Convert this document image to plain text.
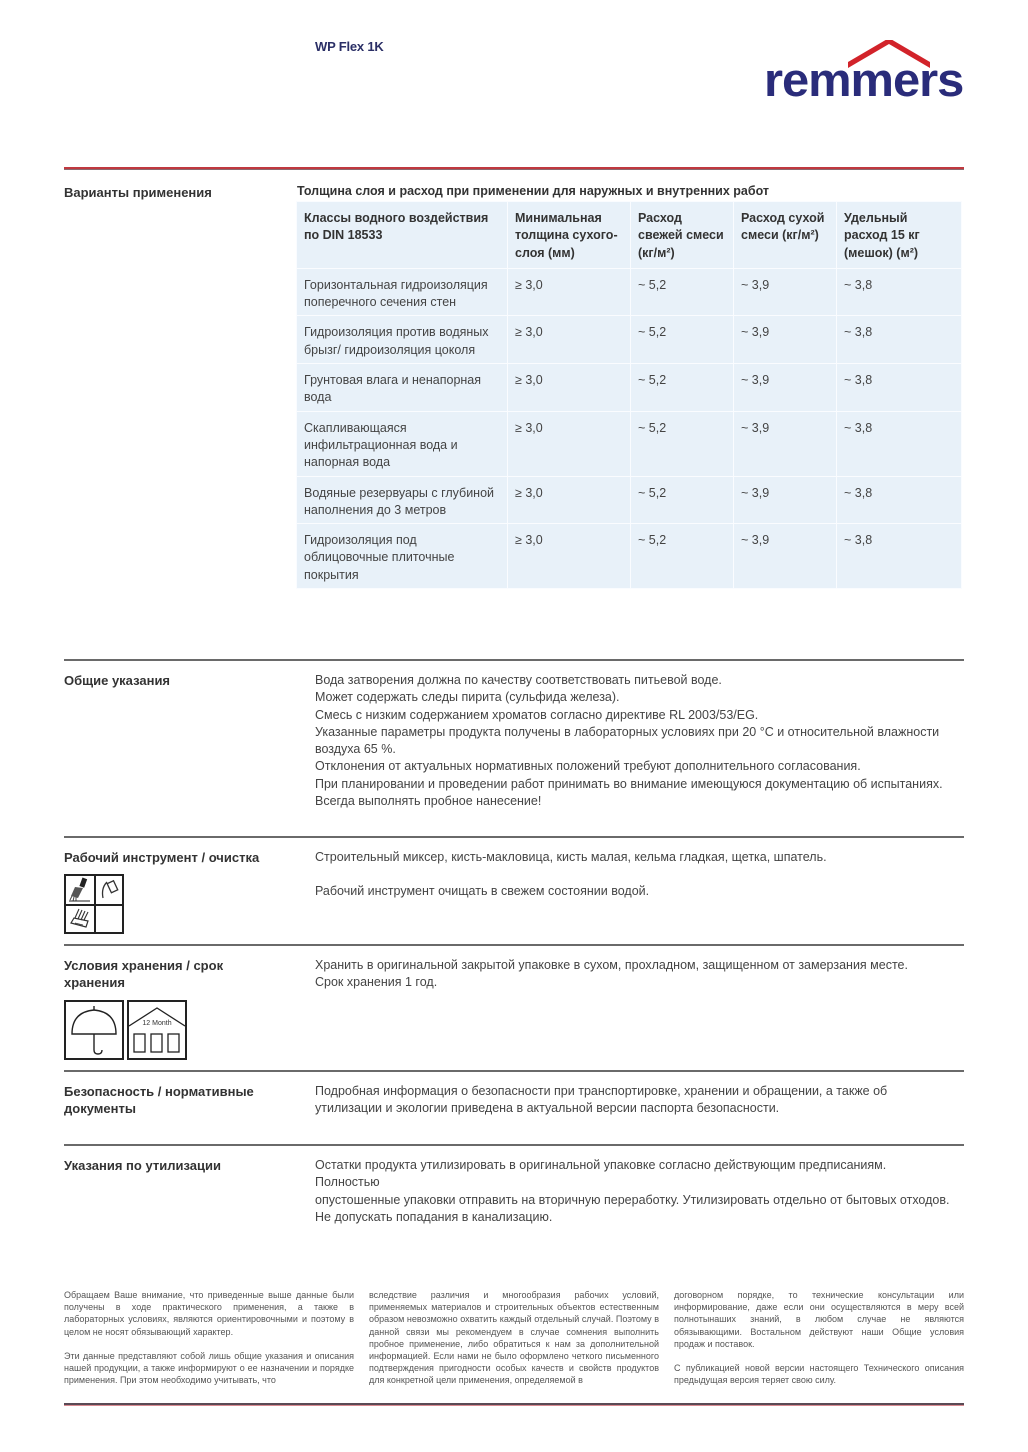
WP Flex 1K
remmers
Варианты применения	Толщина слоя и расход при применении для наружных и внутренних работ
Классы водного воздействия по DIN 18533	Минимальная толщина сухого-слоя (мм)	Расход свежей смеси (кг/м²)	Расход сухой смеси (кг/м²)	Удельный расход 15 кг (мешок) (м²)
Горизонтальная гидроизоляция поперечного сечения стен	≥ 3,0	~ 5,2	~ 3,9	~ 3,8
Гидроизоляция против водяных брызг/ гидроизоляция цоколя	≥ 3,0	~ 5,2	~ 3,9	~ 3,8
Грунтовая влага и ненапорная вода	≥ 3,0	~ 5,2	~ 3,9	~ 3,8
Скапливающаяся инфильтрационная вода и напорная вода	≥ 3,0	~ 5,2	~ 3,9	~ 3,8
Водяные резервуары с глубиной наполнения до 3 метров	≥ 3,0	~ 5,2	~ 3,9	~ 3,8
Гидроизоляция под облицовочные плиточные покрытия	≥ 3,0	~ 5,2	~ 3,9	~ 3,8
Общие указания	Вода затворения должна по качеству соответствовать питьевой воде.
Может содержать следы пирита (сульфида железа).
Смесь с низким содержанием хроматов согласно директиве RL 2003/53/EG.
Указанные параметры продукта получены в лабораторных условиях при 20 °C и относительной влажности воздуха 65 %.
Отклонения от актуальных нормативных положений требуют дополнительного согласования.
При планировании и проведении работ принимать во внимание имеющуюся документацию об испытаниях.
Всегда выполнять пробное нанесение!
Рабочий инструмент / очистка	Строительный миксер, кисть-макловица, кисть малая, кельма гладкая, щетка, шпатель.
Рабочий инструмент очищать в свежем состоянии водой.
Условия хранения / срок хранения
Хранить в оригинальной закрытой упаковке в сухом, прохладном, защищенном от замерзания месте.
Срок хранения 1 год.
12 Month
Безопасность / нормативные документы
Подробная информация о безопасности при транспортировке, хранении и обращении, а также об утилизации и экологии приведена в актуальной версии паспорта безопасности.
Указания по утилизации	Остатки продукта утилизировать в оригинальной упаковке согласно действующим предписаниям.
Полностью
опустошенные упаковки отправить на вторичную переработку. Утилизировать отдельно от бытовых отходов. Не допускать попадания в канализацию.

Обращаем Ваше внимание, что приведенные выше данные были получены в ходе практического применения, а также в лабораторных условиях, являются ориентировочными и поэтому в целом не носят обязывающий характер.

Эти данные представляют собой лишь общие указания и описания нашей продукции, а также информируют о ее назначении и порядке применения. При этом необходимо учитывать, что

вследствие различия и многообразия рабочих условий, применяемых материалов и строительных объектов естественным образом невозможно охватить каждый отдельный случай. Поэтому в данной связи мы рекомендуем в случае сомнения выполнить пробное применение, либо обратиться к нам за дополнительной информацией. Если нами не было оформлено четкого письменного подтверждения пригодности особых качеств и свойств продуктов для конкретной цели применения, определяемой в

договорном порядке, то технические консультации или информирование, даже если они осуществляются в меру всей полнотынаших знаний, в любом случае не являются обязывающими. Востальном действуют наши Общие условия продаж и поставок.

С публикацией новой версии настоящего Технического описания предыдущая версия теряет свою силу.
